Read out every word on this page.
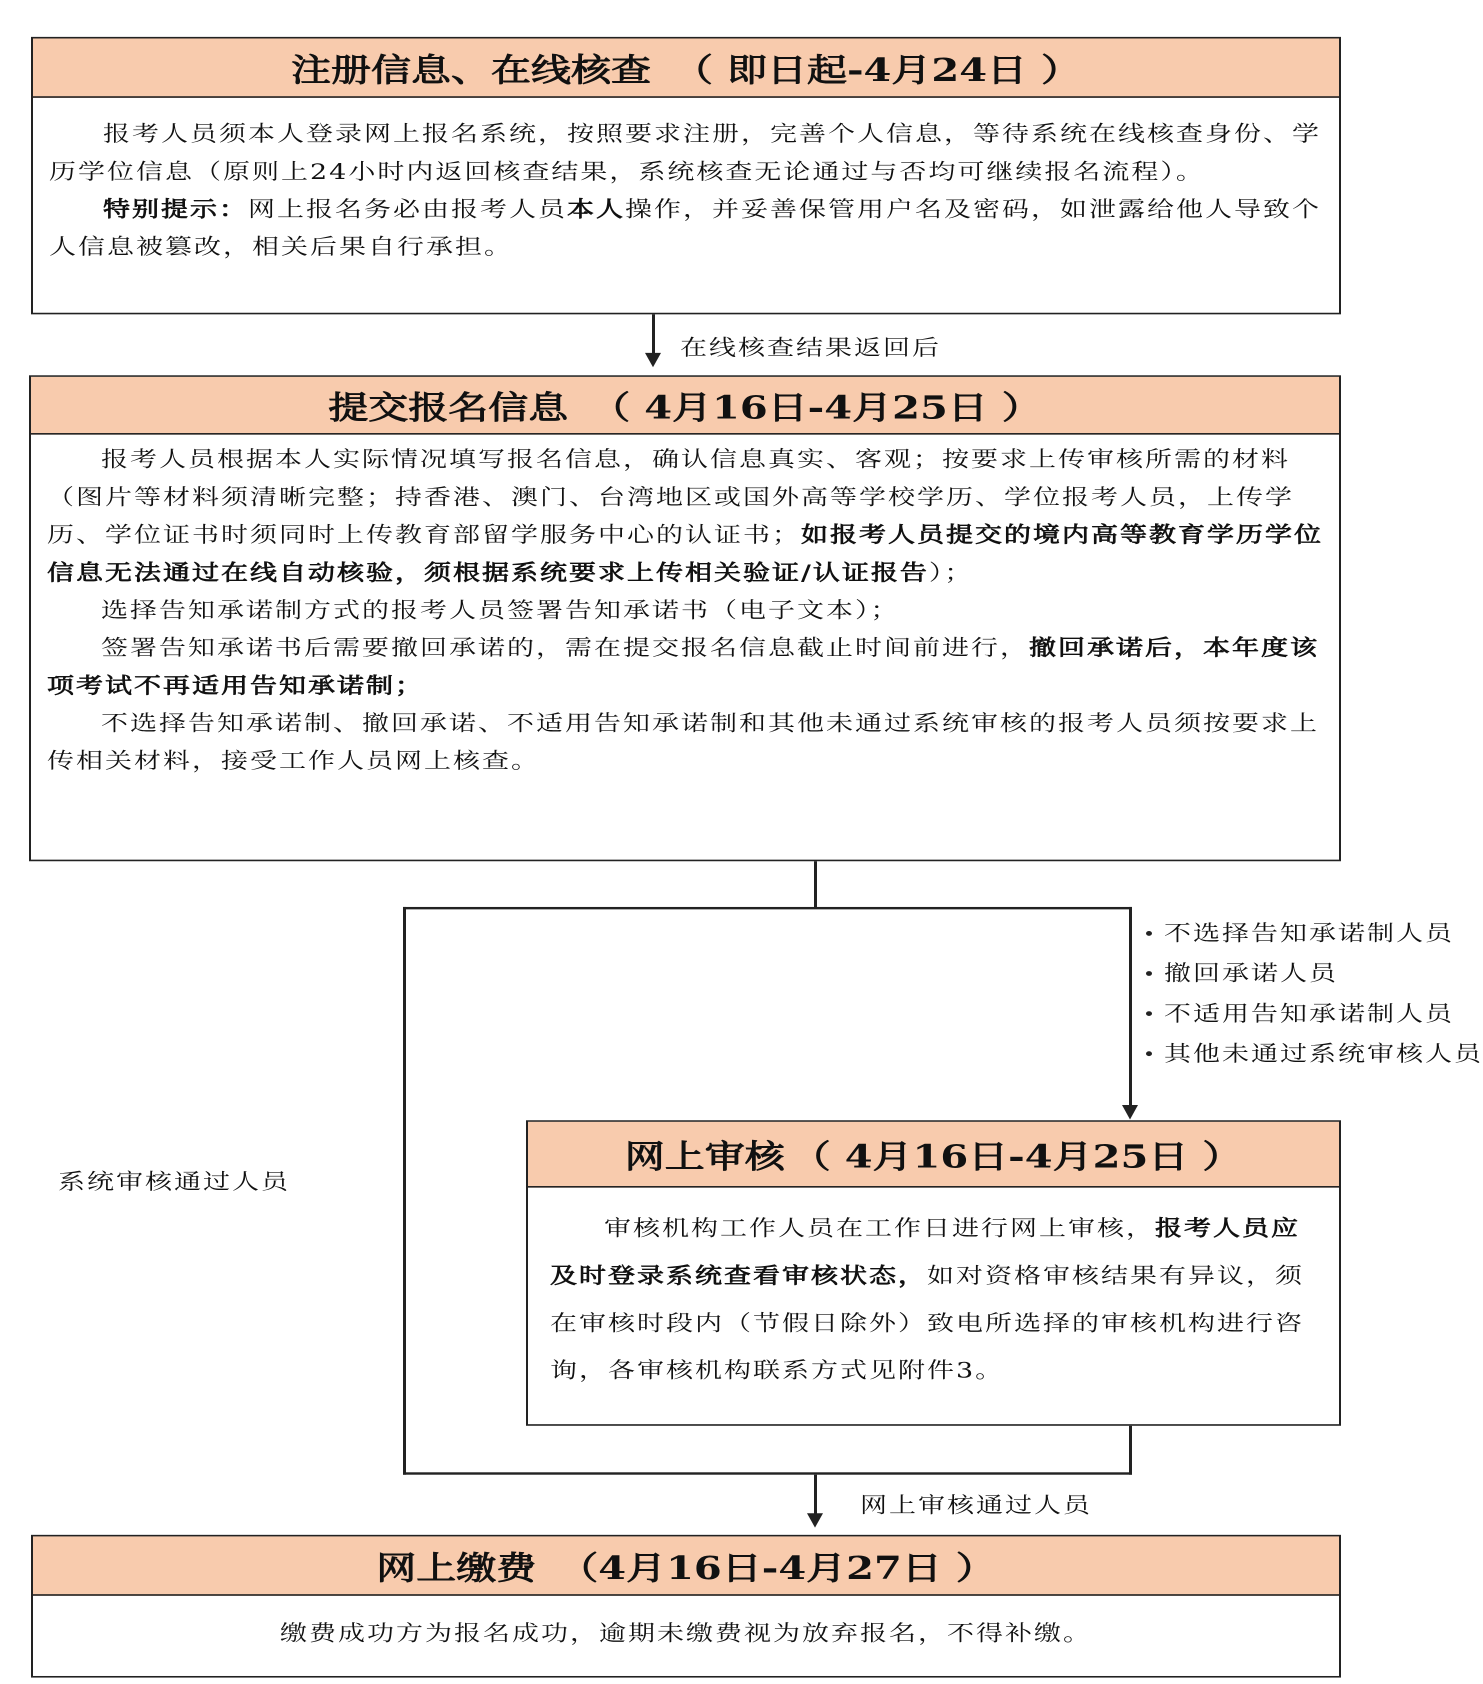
注册信息、在线核查 （ 即日起-4月24日 ）

报考人员须本人登录网上报名系统，按照要求注册，完善个人信息，等待系统在线核查身份、学历学位信息（原则上24小时内返回核查结果，系统核查无论通过与否均可继续报名流程）。

特别提示：网上报名务必由报考人员本人操作，并妥善保管用户名及密码，如泄露给他人导致个人信息被篡改，相关后果自行承担。

在线核查结果返回后
提交报名信息 （ 4月16日-4月25日 ）

报考人员根据本人实际情况填写报名信息，确认信息真实、客观；按要求上传审核所需的材料（图片等材料须清晰完整；持香港、澳门、台湾地区或国外高等学校学历、学位报考人员，上传学历、学位证书时须同时上传教育部留学服务中心的认证书；如报考人员提交的境内高等教育学历学位信息无法通过在线自动核验，须根据系统要求上传相关验证/认证报告）；

选择告知承诺制方式的报考人员签署告知承诺书（电子文本）；

签署告知承诺书后需要撤回承诺的，需在提交报名信息截止时间前进行，撤回承诺后，本年度该项考试不再适用告知承诺制；

不选择告知承诺制、撤回承诺、不适用告知承诺制和其他未通过系统审核的报考人员须按要求上传相关材料，接受工作人员网上核查。

不选择告知承诺制人员
撤回承诺人员
不适用告知承诺制人员
其他未通过系统审核人员
系统审核通过人员
网上审核 （ 4月16日-4月25日 ）

审核机构工作人员在工作日进行网上审核，报考人员应及时登录系统查看审核状态，如对资格审核结果有异议，须在审核时段内（节假日除外）致电所选择的审核机构进行咨询，各审核机构联系方式见附件3。

网上审核通过人员
网上缴费 （4月16日-4月27日 ）
缴费成功方为报名成功，逾期未缴费视为放弃报名，不得补缴。
